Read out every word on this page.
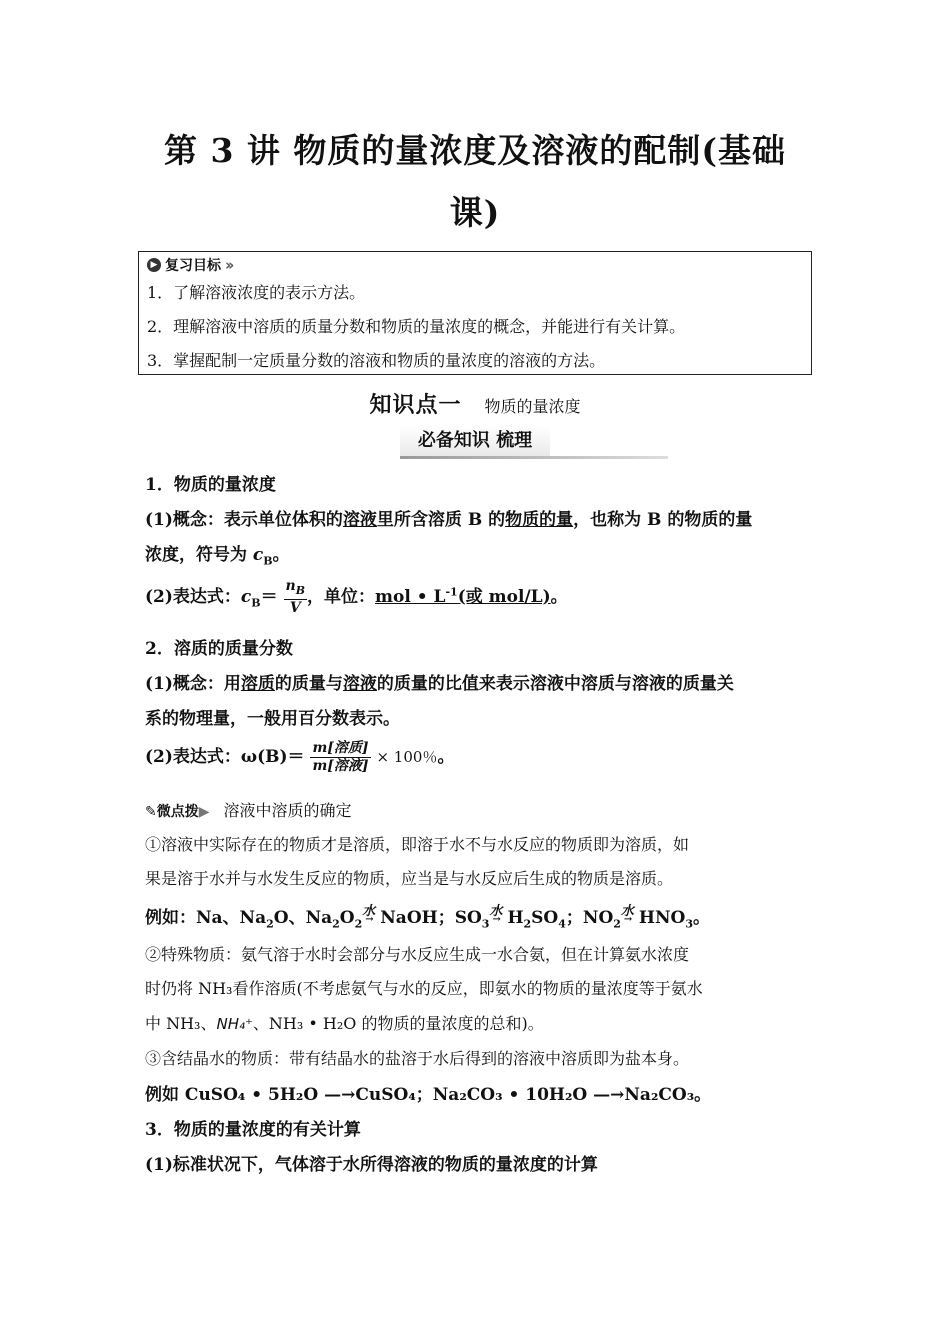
第 3 讲 物质的量浓度及溶液的配制(基础
课)
▶ 复习目标 ››
1．了解溶液浓度的表示方法。
2．理解溶液中溶质的质量分数和物质的量浓度的概念，并能进行有关计算。
3．掌握配制一定质量分数的溶液和物质的量浓度的溶液的方法。
知识点一 物质的量浓度
必备知识 梳理
1．物质的量浓度
(1)概念：表示单位体积的溶液里所含溶质 B 的物质的量，也称为 B 的物质的量
浓度，符号为 $c_B$。
(2)表达式：$c_B= \frac{n_B}{V}$ ，单位：mol • $L^{-1}$(或 mol/L)。
2．溶质的质量分数
(1)概念：用溶质的质量与溶液的质量的比值来表示溶液中溶质与溶液的质量关
系的物理量，一般用百分数表示。
(2)表达式：$\omega(B)= \frac{\text{m[溶质]}}{\text{m[溶液]}} \times 100$％。
✎微点拨▶ 溶液中溶质的确定
①溶液中实际存在的物质才是溶质，即溶于水不与水反应的物质即为溶质，如
果是溶于水并与水发生反应的物质，应当是与水反应后生成的物质是溶质。
例如：Na、$Na_2O$、$Na_2O_2$水 → NaOH；$SO_3$水 → $H_2SO_4$；$NO_2$水 → $HNO_3$。
②特殊物质：氨气溶于水时会部分与水反应生成一水合氨，但在计算氨水浓度
时仍将 NH₃看作溶质(不考虑氨气与水的反应，即氨水的物质的量浓度等于氨水
中 NH₃、NH₄⁺、NH₃ • H₂O 的物质的量浓度的总和)。
③含结晶水的物质：带有结晶水的盐溶于水后得到的溶液中溶质即为盐本身。
例如 CuSO₄ • 5H₂O —→CuSO₄；Na₂CO₃ • 10H₂O —→Na₂CO₃。
3．物质的量浓度的有关计算
(1)标准状况下，气体溶于水所得溶液的物质的量浓度的计算
